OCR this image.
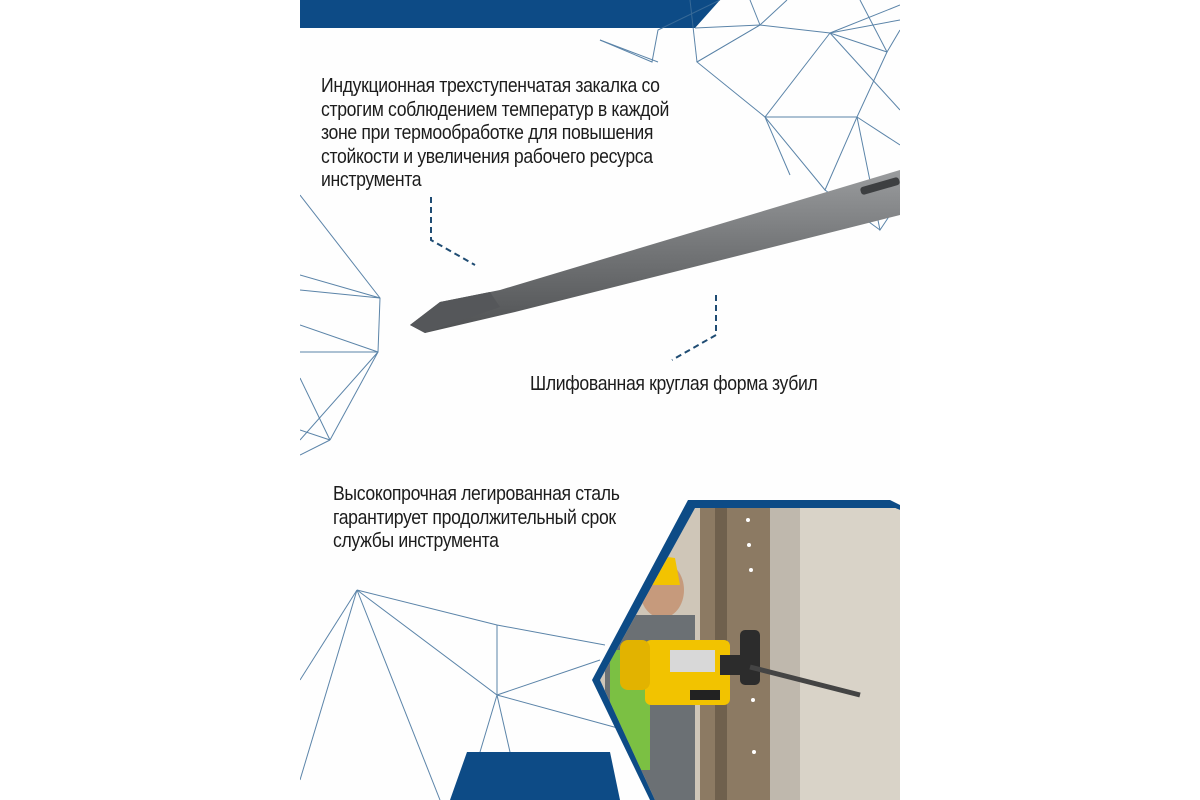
Индукционная трехступенчатая закалка со
строгим соблюдением температур в каждой
зоне при термообработке для повышения
стойкости и увеличения рабочего ресурса
инструмента
Шлифованная круглая форма зубил
Высокопрочная легированная сталь
гарантирует продолжительный срок
службы инструмента
